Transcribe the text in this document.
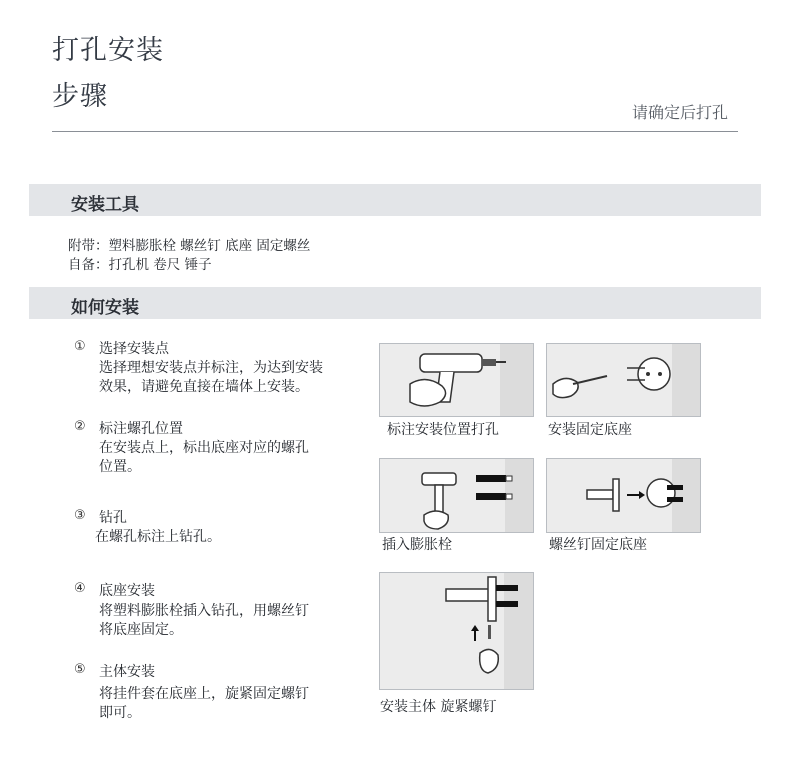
打孔安装
步骤
请确定后打孔
安装工具
附带：塑料膨胀栓 螺丝钉 底座 固定螺丝
自备：打孔机 卷尺 锤子
如何安装
① 选择安装点
选择理想安装点并标注，为达到安装
效果，请避免直接在墙体上安装。
② 标注螺孔位置
在安装点上，标出底座对应的螺孔
位置。
③ 钻孔
在螺孔标注上钻孔。
④ 底座安装
将塑料膨胀栓插入钻孔，用螺丝钉
将底座固定。
⑤ 主体安装
将挂件套在底座上，旋紧固定螺钉
即可。
标注安装位置打孔	安装固定底座
插入膨胀栓	螺丝钉固定底座
安装主体 旋紧螺钉
